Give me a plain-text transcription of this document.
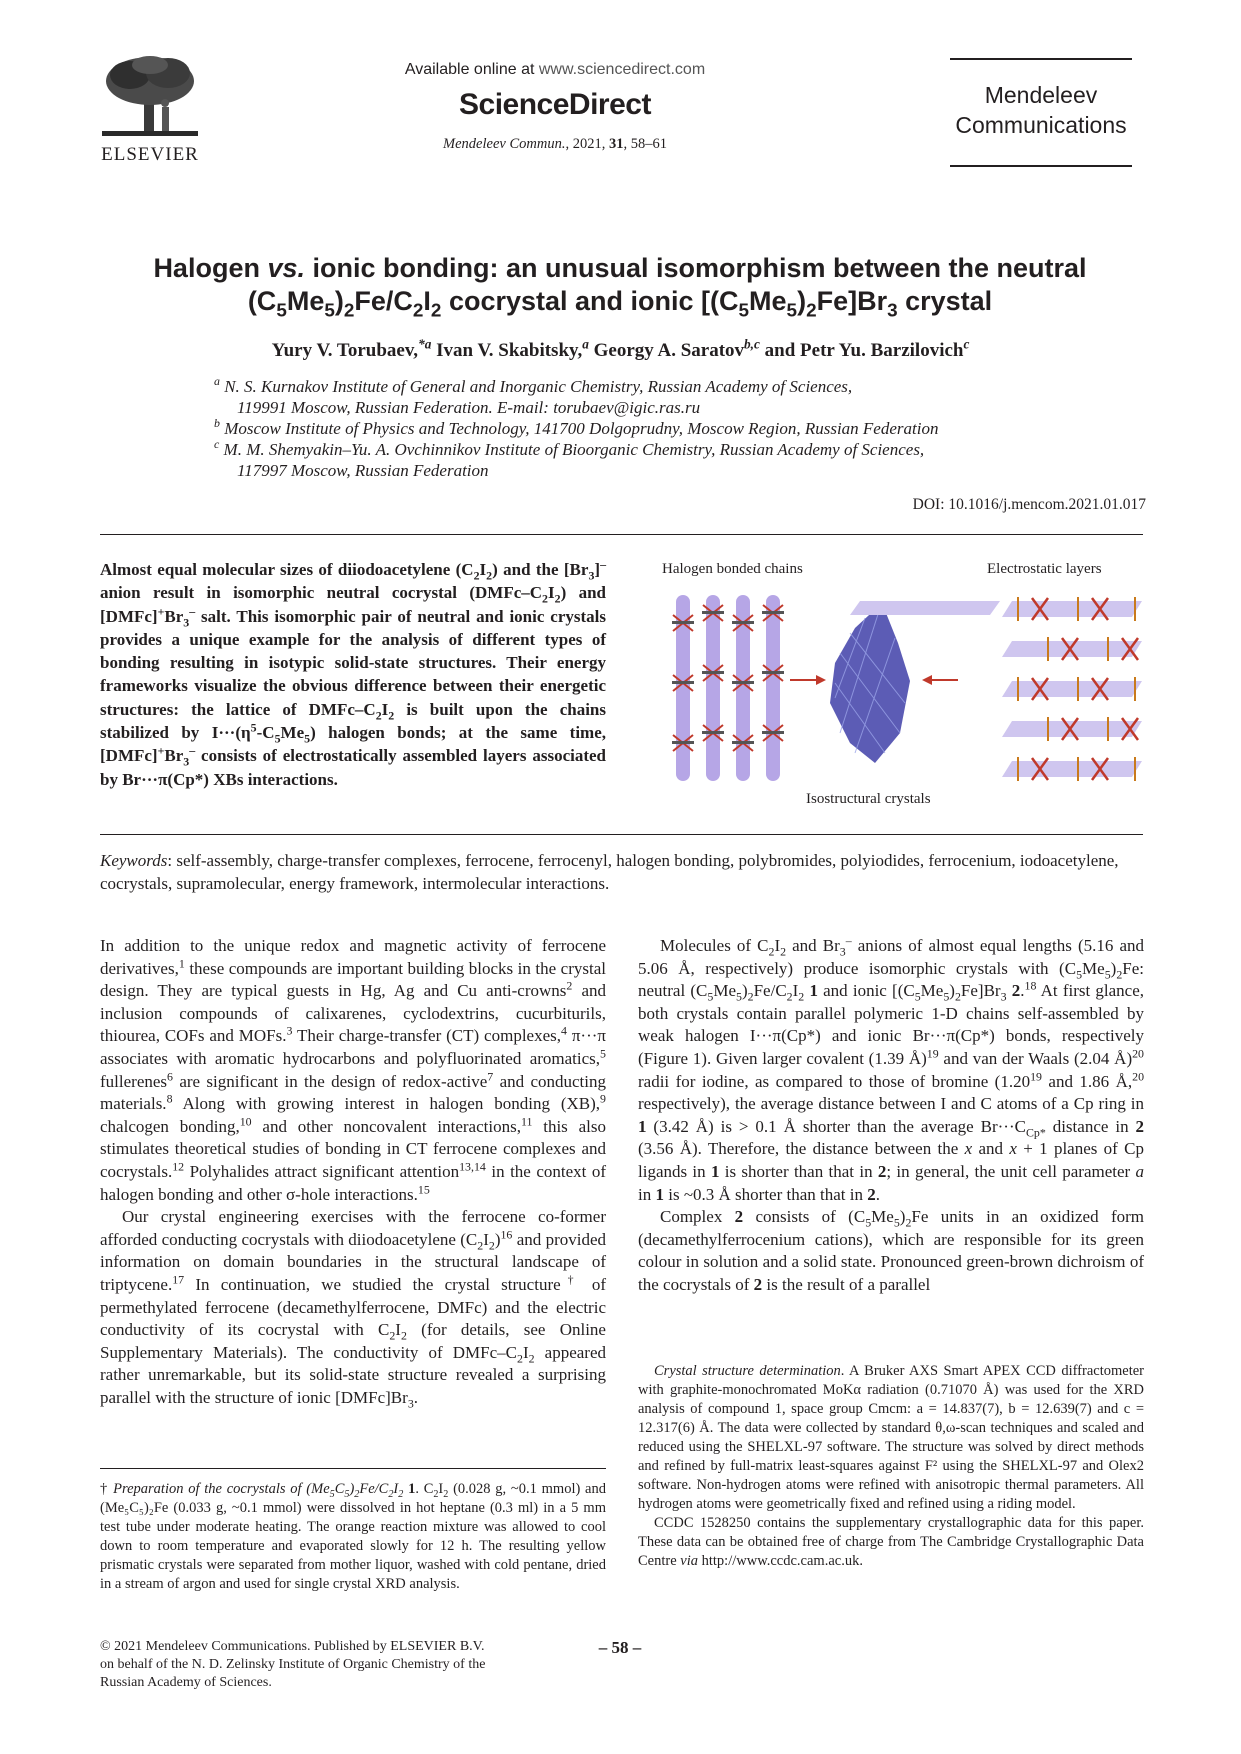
ELSEVIER
Available online at www.sciencedirect.com
ScienceDirect
Mendeleev Commun., 2021, 31, 58–61
Mendeleev
Communications
Halogen vs. ionic bonding: an unusual isomorphism between the neutral
$(C_5Me_5)_2Fe/C_2I_2$ cocrystal and ionic $[(C_5Me_5)_2Fe]Br_3$ crystal
Yury V. Torubaev,$^{*a}$ Ivan V. Skabitsky,$^a$ Georgy A. Saratov$^{b,c}$ and Petr Yu. Barzilovich$^c$
$^a$ N. S. Kurnakov Institute of General and Inorganic Chemistry, Russian Academy of Sciences,
119991 Moscow, Russian Federation. E-mail: torubaev@igic.ras.ru
$^b$ Moscow Institute of Physics and Technology, 141700 Dolgoprudny, Moscow Region, Russian Federation
$^c$ M. M. Shemyakin–Yu. A. Ovchinnikov Institute of Bioorganic Chemistry, Russian Academy of Sciences,
117997 Moscow, Russian Federation
DOI: 10.1016/j.mencom.2021.01.017
Almost equal molecular sizes of diiodoacetylene $(C_2I_2)$ and the $[Br_3]^-$ anion result in isomorphic neutral cocrystal $(DMFc-C_2I_2)$ and $[DMFc]^+Br_3^-$ salt. This isomorphic pair of neutral and ionic crystals provides a unique example for the analysis of different types of bonding resulting in isotypic solid-state structures. Their energy frameworks visualize the obvious difference between their energetic structures: the lattice of DMFc–$C_2I_2$ is built upon the chains stabilized by $I\cdot\cdot\cdot(\eta^5-C_5Me_5)$ halogen bonds; at the same time, $[DMFc]^+Br_3^-$ consists of electrostatically assembled layers associated by Br···π(Cp*) XBs interactions.
Halogen bonded chains	Electrostatic layers
Isostructural crystals
Keywords: self-assembly, charge-transfer complexes, ferrocene, ferrocenyl, halogen bonding, polybromides, polyiodides, ferrocenium, iodoacetylene, cocrystals, supramolecular, energy framework, intermolecular interactions.

In addition to the unique redox and magnetic activity of ferrocene derivatives,$^1$ these compounds are important building blocks in the crystal design. They are typical guests in Hg, Ag and Cu anti-crowns$^2$ and inclusion compounds of calixarenes, cyclodextrins, cucurbiturils, thiourea, COFs and MOFs.$^3$ Their charge-transfer (CT) complexes,$^4$ π···π associates with aromatic hydrocarbons and polyfluorinated aromatics,$^5$ fullerenes$^6$ are significant in the design of redox-active$^7$ and conducting materials.$^8$ Along with growing interest in halogen bonding (XB),$^9$ chalcogen bonding,$^{10}$ and other noncovalent interactions,$^{11}$ this also stimulates theoretical studies of bonding in CT ferrocene complexes and cocrystals.$^{12}$ Polyhalides attract significant attention$^{13,14}$ in the context of halogen bonding and other σ-hole interactions.$^{15}$

Our crystal engineering exercises with the ferrocene co-former afforded conducting cocrystals with diiodoacetylene $(C_2I_2)^{16}$ and provided information on domain boundaries in the structural landscape of triptycene.$^{17}$ In continuation, we studied the crystal structure† of permethylated ferrocene (decamethylferrocene, DMFc) and the electric conductivity of its cocrystal with $C_2I_2$ (for details, see Online Supplementary Materials). The conductivity of DMFc–$C_2I_2$ appeared rather unremarkable, but its solid-state structure revealed a surprising parallel with the structure of ionic $[DMFc]Br_3$.

† Preparation of the cocrystals of $(Me_5C_5)_2Fe/C_2I_2$ 1. $C_2I_2$ (0.028 g, ~0.1 mmol) and (Me₅C₅)₂Fe (0.033 g, ~0.1 mmol) were dissolved in hot heptane (0.3 ml) in a 5 mm test tube under moderate heating. The orange reaction mixture was allowed to cool down to room temperature and evaporated slowly for 12 h. The resulting yellow prismatic crystals were separated from mother liquor, washed with cold pentane, dried in a stream of argon and used for single crystal XRD analysis.

Molecules of $C_2I_2$ and $Br_3^-$ anions of almost equal lengths (5.16 and 5.06 Å, respectively) produce isomorphic crystals with $(C_5Me_5)_2Fe$: neutral $(C_5Me_5)_2Fe/C_2I_2$ 1 and ionic $[(C_5Me_5)_2Fe]Br_3$ 2.18 At first glance, both crystals contain parallel polymeric 1-D chains self-assembled by weak halogen I···π(Cp*) and ionic Br···π(Cp*) bonds, respectively (Figure 1). Given larger covalent (1.39 Å)$^{19}$ and van der Waals (2.04 Å)$^{20}$ radii for iodine, as compared to those of bromine (1.20$^{19}$ and 1.86 Å,$^{20}$ respectively), the average distance between I and C atoms of a Cp ring in 1 (3.42 Å) is > 0.1 Å shorter than the average $Br\cdot\cdot\cdot C_{Cp*}$ distance in 2 (3.56 Å). Therefore, the distance between the x and x + 1 planes of Cp ligands in 1 is shorter than that in 2; in general, the unit cell parameter a in 1 is ~0.3 Å shorter than that in 2.

Complex 2 consists of $(C_5Me_5)_2Fe$ units in an oxidized form (decamethylferrocenium cations), which are responsible for its green colour in solution and a solid state. Pronounced green-brown dichroism of the cocrystals of 2 is the result of a parallel

Crystal structure determination. A Bruker AXS Smart APEX CCD diffractometer with graphite-monochromated MoKα radiation (0.71070 Å) was used for the XRD analysis of compound 1, space group Cmcm: a = 14.837(7), b = 12.639(7) and c = 12.317(6) Å. The data were collected by standard θ,ω-scan techniques and scaled and reduced using the SHELXL-97 software. The structure was solved by direct methods and refined by full-matrix least-squares against F² using the SHELXL-97 and Olex2 software. Non-hydrogen atoms were refined with anisotropic thermal parameters. All hydrogen atoms were geometrically fixed and refined using a riding model.

CCDC 1528250 contains the supplementary crystallographic data for this paper. These data can be obtained free of charge from The Cambridge Crystallographic Data Centre via http://www.ccdc.cam.ac.uk.

© 2021 Mendeleev Communications. Published by ELSEVIER B.V.
on behalf of the N. D. Zelinsky Institute of Organic Chemistry of the
Russian Academy of Sciences.
– 58 –
